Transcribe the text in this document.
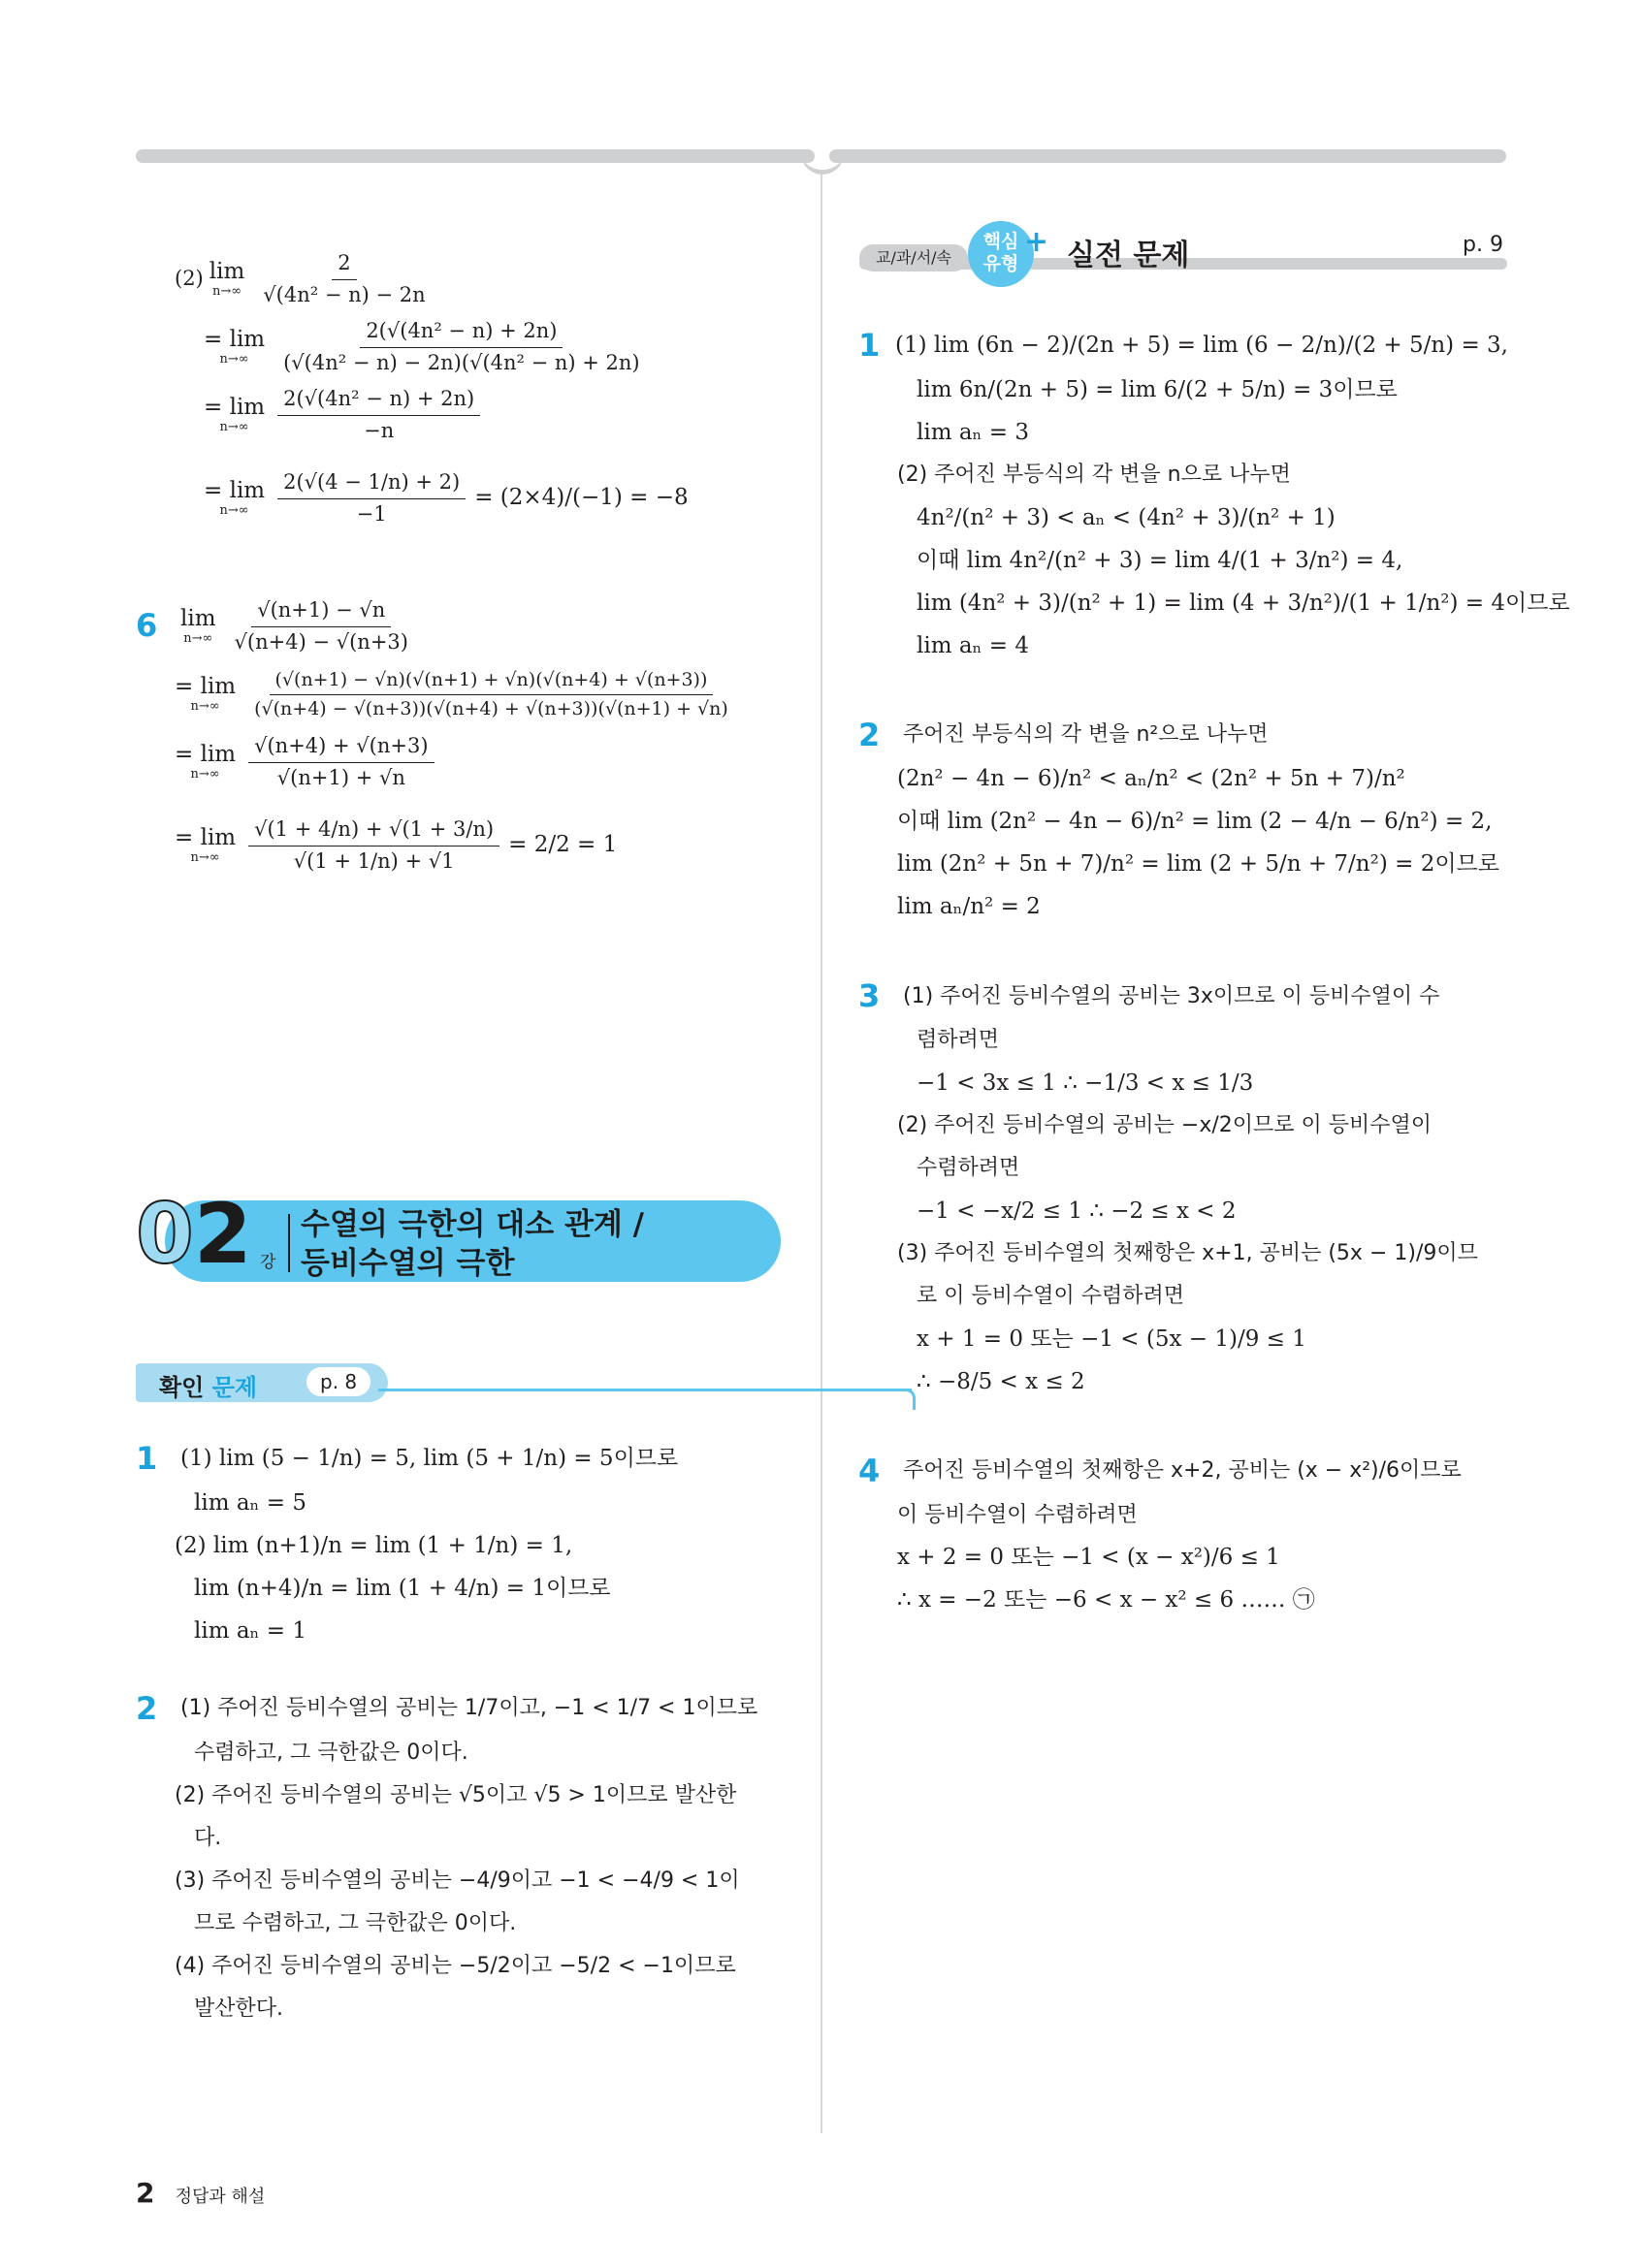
(2) lim
$n\to\infty \frac{2}{\text{√(4n² − n) − 2n}}$
= lim
$n\to\infty \frac{\text{2(√(4n² − n) + 2n)}}{\text{(√(4n² − n) − 2n)(√(4n² − n) + 2n)}}$
= lim
$n\to\infty \frac{\text{2(√(4n² − n) + 2n)}}{-n}$
= lim
$n\to\infty \frac{2(√(4 - 1/n) + 2)}{-1} = (2\times 4)/(-1) = -8$
6	lim
$n\to\infty \frac{√(n+1) - √n}{√(n+4) - √(n+3)}$
= lim
$n\to\infty \frac{(√(n+1) - √n)(√(n+1) + √n)(√(n+4) + √(n+3))}{(√(n+4) - √(n+3))(√(n+4) + √(n+3))(√(n+1) + √n)}$
= lim
$n\to\infty \frac{√(n+4) + √(n+3)}{√(n+1) + √n}$
= lim
$n\to\infty \frac{√(1 + 4/n) + √(1 + 3/n)}{√(1 + 1/n) + √1} = 2/2 = 1$
02 강
수열의 극한의 대소 관계 /
등비수열의 극한
확인 문제	p. 8
1	(1) lim (5 − 1/n) = 5, lim (5 + 1/n) = 5이므로
lim aₙ = 5
(2) lim (n+1)/n = lim (1 + 1/n) = 1,
lim (n+4)/n = lim (1 + 4/n) = 1이므로
lim aₙ = 1
2	(1) 주어진 등비수열의 공비는 1/7이고, −1 < 1/7 < 1이므로
수렴하고, 그 극한값은 0이다.
(2) 주어진 등비수열의 공비는 √5이고 √5 > 1이므로 발산한
다.
(3) 주어진 등비수열의 공비는 −4/9이고 −1 < −4/9 < 1이
므로 수렴하고, 그 극한값은 0이다.
(4) 주어진 등비수열의 공비는 −5/2이고 −5/2 < −1이므로
발산한다.
교/과/서/속
핵심
유형
+ 실전 문제	p. 9
1 (1) lim (6n − 2)/(2n + 5) = lim (6 − 2/n)/(2 + 5/n) = 3,
lim 6n/(2n + 5) = lim 6/(2 + 5/n) = 3이므로
lim aₙ = 3
(2) 주어진 부등식의 각 변을 n으로 나누면
4n²/(n² + 3) < aₙ < (4n² + 3)/(n² + 1)
이때 lim 4n²/(n² + 3) = lim 4/(1 + 3/n²) = 4,
lim (4n² + 3)/(n² + 1) = lim (4 + 3/n²)/(1 + 1/n²) = 4이므로
lim aₙ = 4
2	주어진 부등식의 각 변을 n²으로 나누면
(2n² − 4n − 6)/n² < aₙ/n² < (2n² + 5n + 7)/n²
이때 lim (2n² − 4n − 6)/n² = lim (2 − 4/n − 6/n²) = 2,
lim (2n² + 5n + 7)/n² = lim (2 + 5/n + 7/n²) = 2이므로
lim aₙ/n² = 2
3	(1) 주어진 등비수열의 공비는 3x이므로 이 등비수열이 수
렴하려면
−1 < 3x ≤ 1 ∴ −1/3 < x ≤ 1/3
(2) 주어진 등비수열의 공비는 −x/2이므로 이 등비수열이
수렴하려면
−1 < −x/2 ≤ 1 ∴ −2 ≤ x < 2
(3) 주어진 등비수열의 첫째항은 x+1, 공비는 (5x − 1)/9이므
로 이 등비수열이 수렴하려면
x + 1 = 0 또는 −1 < (5x − 1)/9 ≤ 1
∴ −8/5 < x ≤ 2
4	주어진 등비수열의 첫째항은 x+2, 공비는 (x − x²)/6이므로
이 등비수열이 수렴하려면
x + 2 = 0 또는 −1 < (x − x²)/6 ≤ 1
∴ x = −2 또는 −6 < x − x² ≤ 6 …… ㉠
2 정답과 해설
